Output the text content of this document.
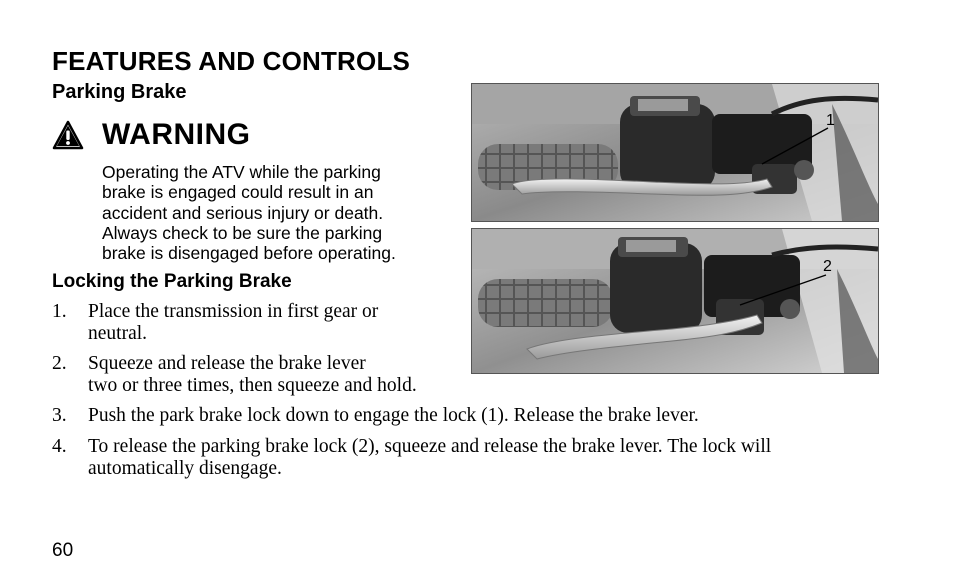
FEATURES AND CONTROLS
Parking Brake
WARNING
Operating the ATV while the parking
brake is engaged could result in an
accident and serious injury or death.
Always check to be sure the parking
brake is disengaged before operating.
Locking the Parking Brake
1.	Place the transmission in first gear or
neutral.
2.	Squeeze and release the brake lever
two or three times, then squeeze and hold.
3.	Push the park brake lock down to engage the lock (1). Release the brake lever.
4.	To release the parking brake lock (2), squeeze and release the brake lever. The lock will
automatically disengage.
1
2
60
